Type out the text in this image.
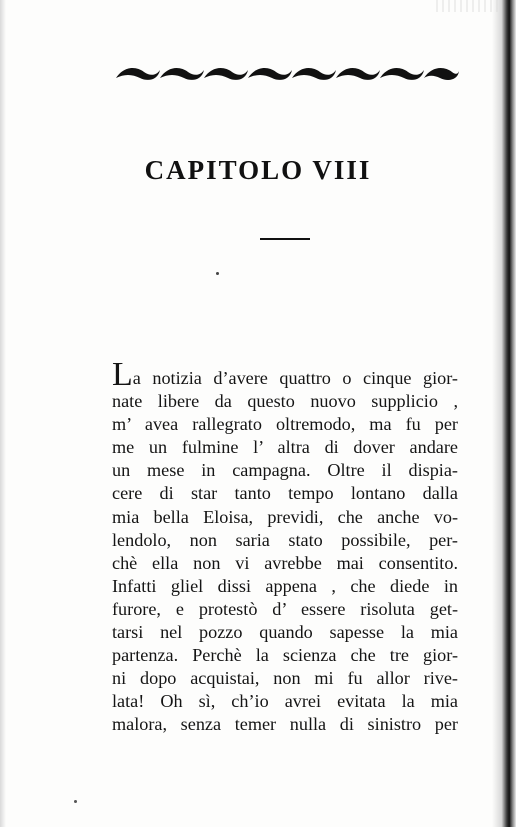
CAPITOLO VIII
La notizia d’avere quattro o cinque gior-
nate libere da questo nuovo supplicio ,
m’ avea rallegrato oltremodo, ma fu per
me un fulmine l’ altra di dover andare
un mese in campagna. Oltre il dispia-
cere di star tanto tempo lontano dalla
mia bella Eloisa, previdi, che anche vo-
lendolo, non saria stato possibile, per-
chè ella non vi avrebbe mai consentito.
Infatti gliel dissi appena , che diede in
furore, e protestò d’ essere risoluta get-
tarsi nel pozzo quando sapesse la mia
partenza. Perchè la scienza che tre gior-
ni dopo acquistai, non mi fu allor rive-
lata! Oh sì, ch’io avrei evitata la mia
malora, senza temer nulla di sinistro per
